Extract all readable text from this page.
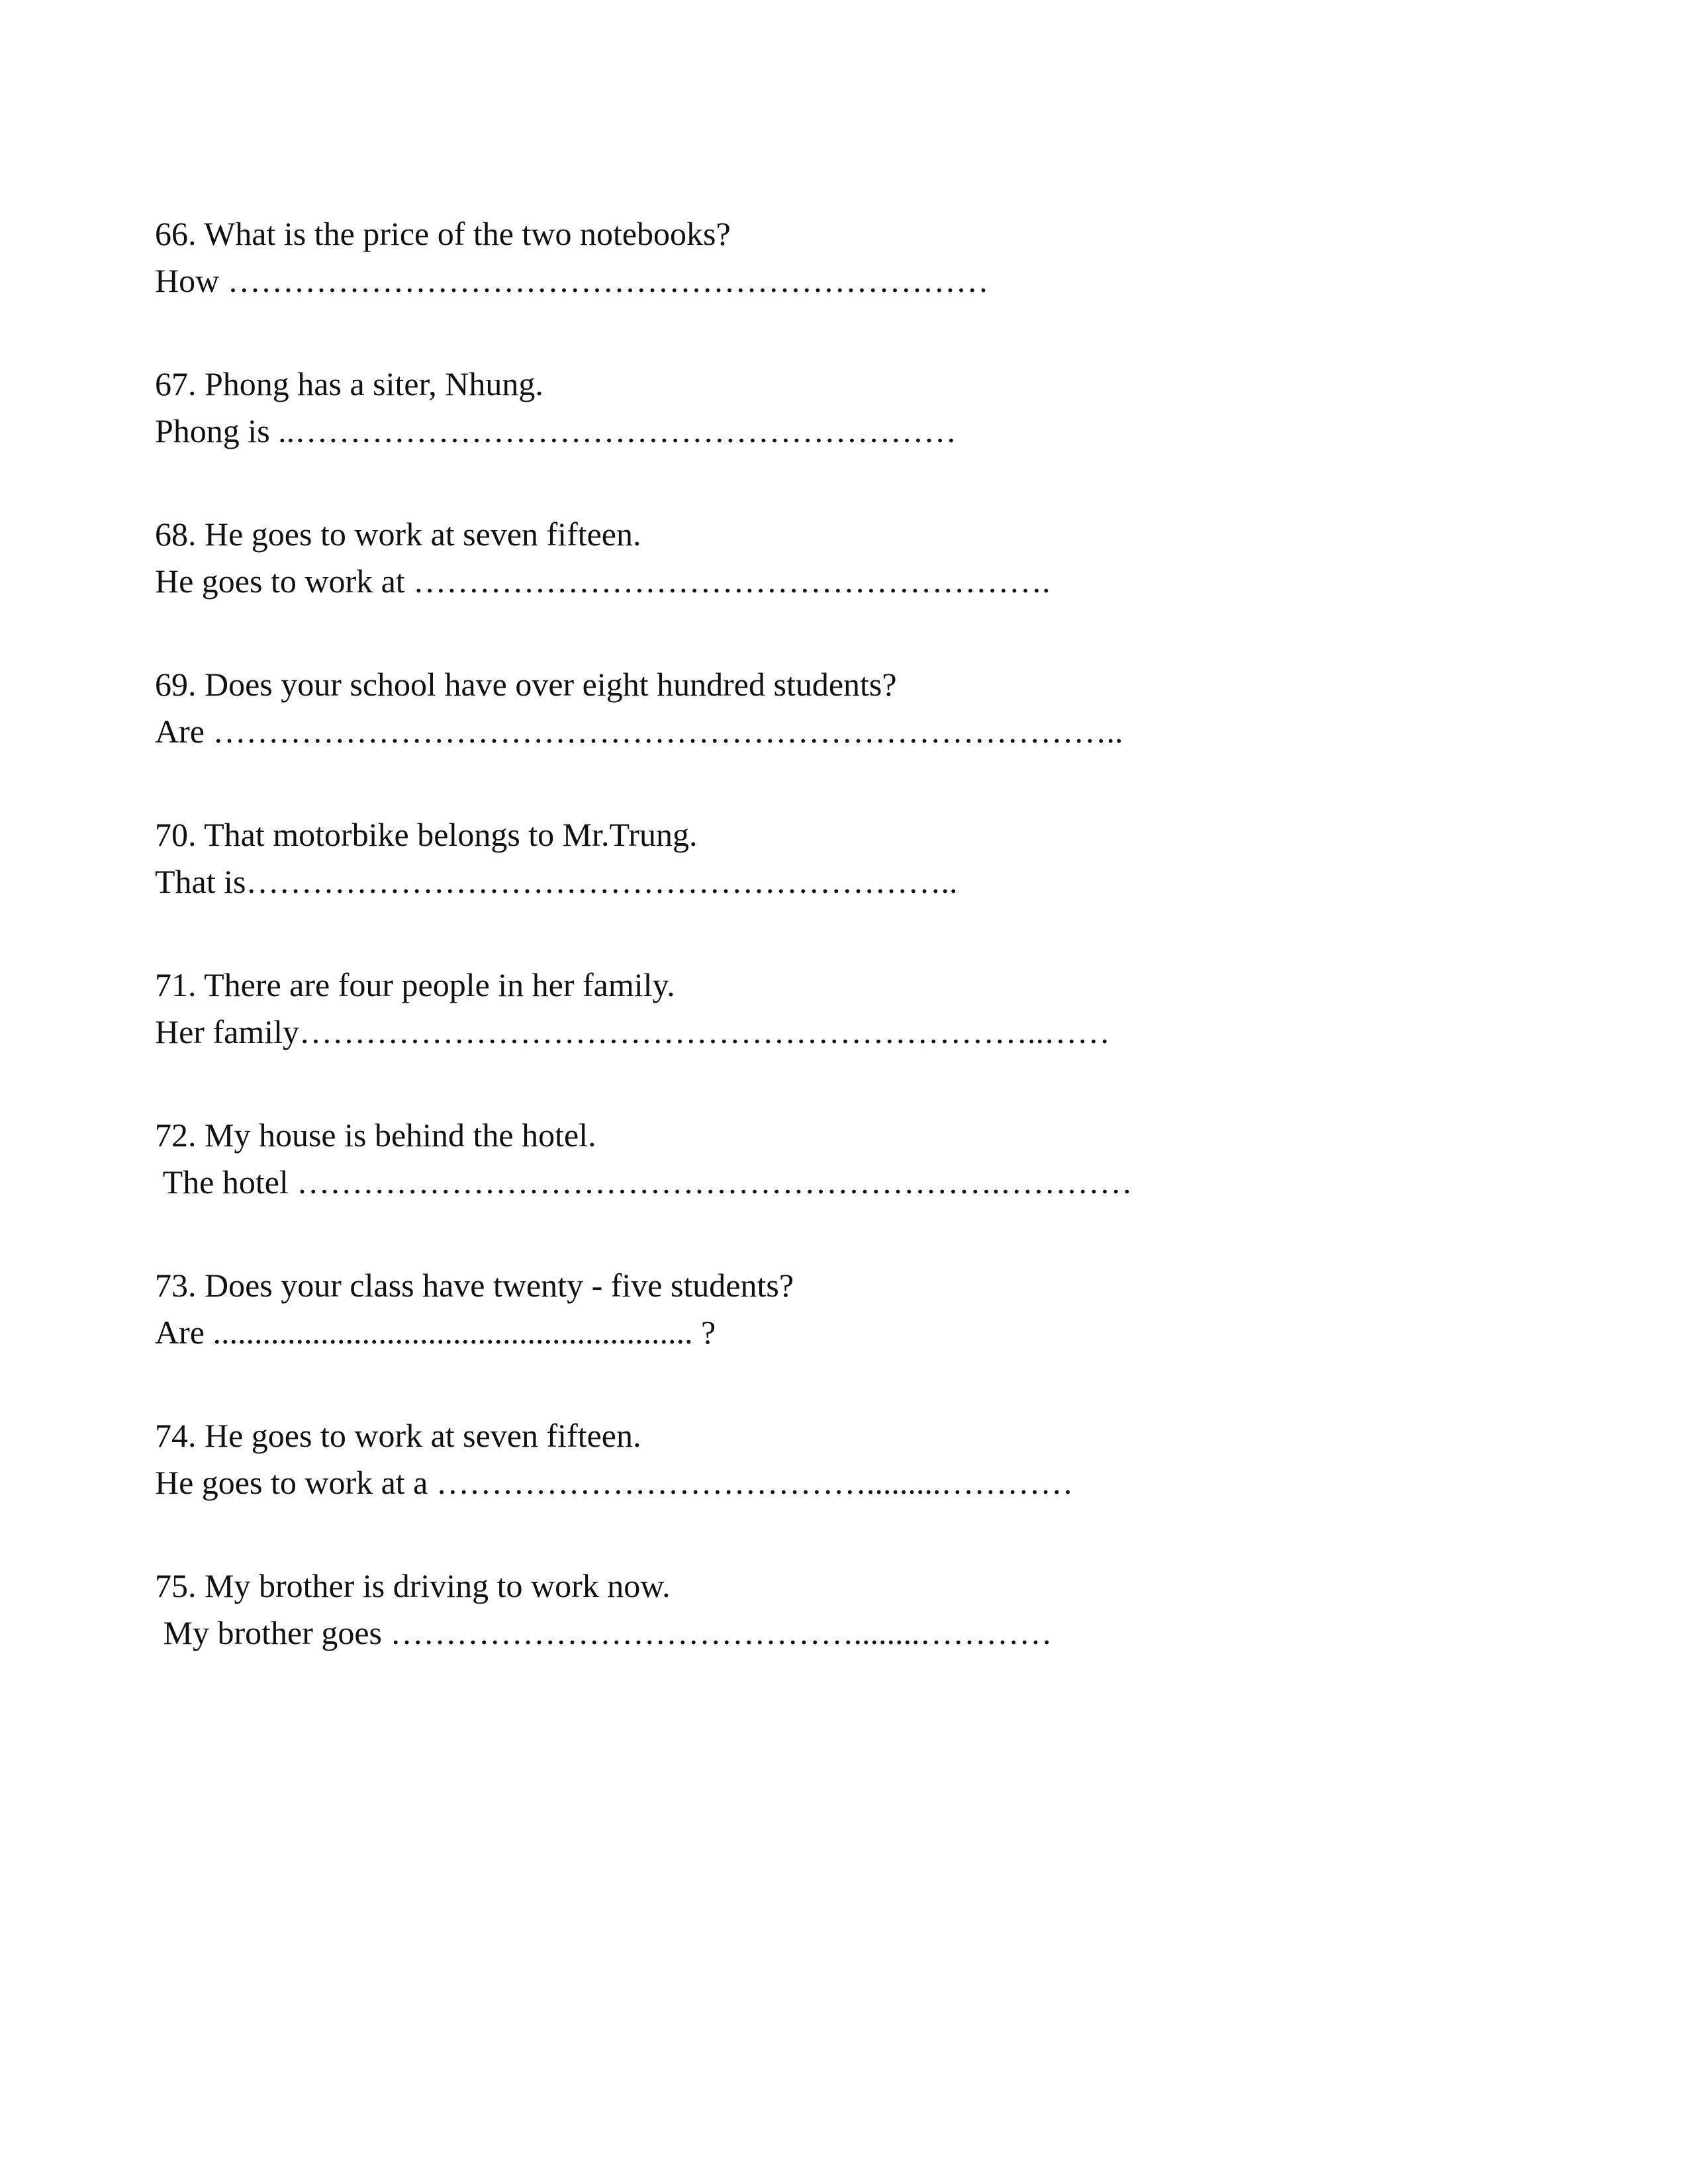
66. What is the price of the two notebooks?
How ……………………………………………………………
67. Phong has a siter, Nhung.
Phong is ..……………………………………………………
68. He goes to work at seven fifteen.
He goes to work at ………………………………………………….
69. Does your school have over eight hundred students?
Are ………………………………………………………………………..
70. That motorbike belongs to Mr.Trung.
That is………………………………………………………..
71. There are four people in her family.
Her family…………………………………………………………..……
72. My house is behind the hotel.
The hotel ……………………………………………………….…………
73. Does your class have twenty - five students?
Are .......................................................... ?
74. He goes to work at seven fifteen.
He goes to work at a ………………………………….........…………
75. My brother is driving to work now.
My brother goes ……………………………………........…………
